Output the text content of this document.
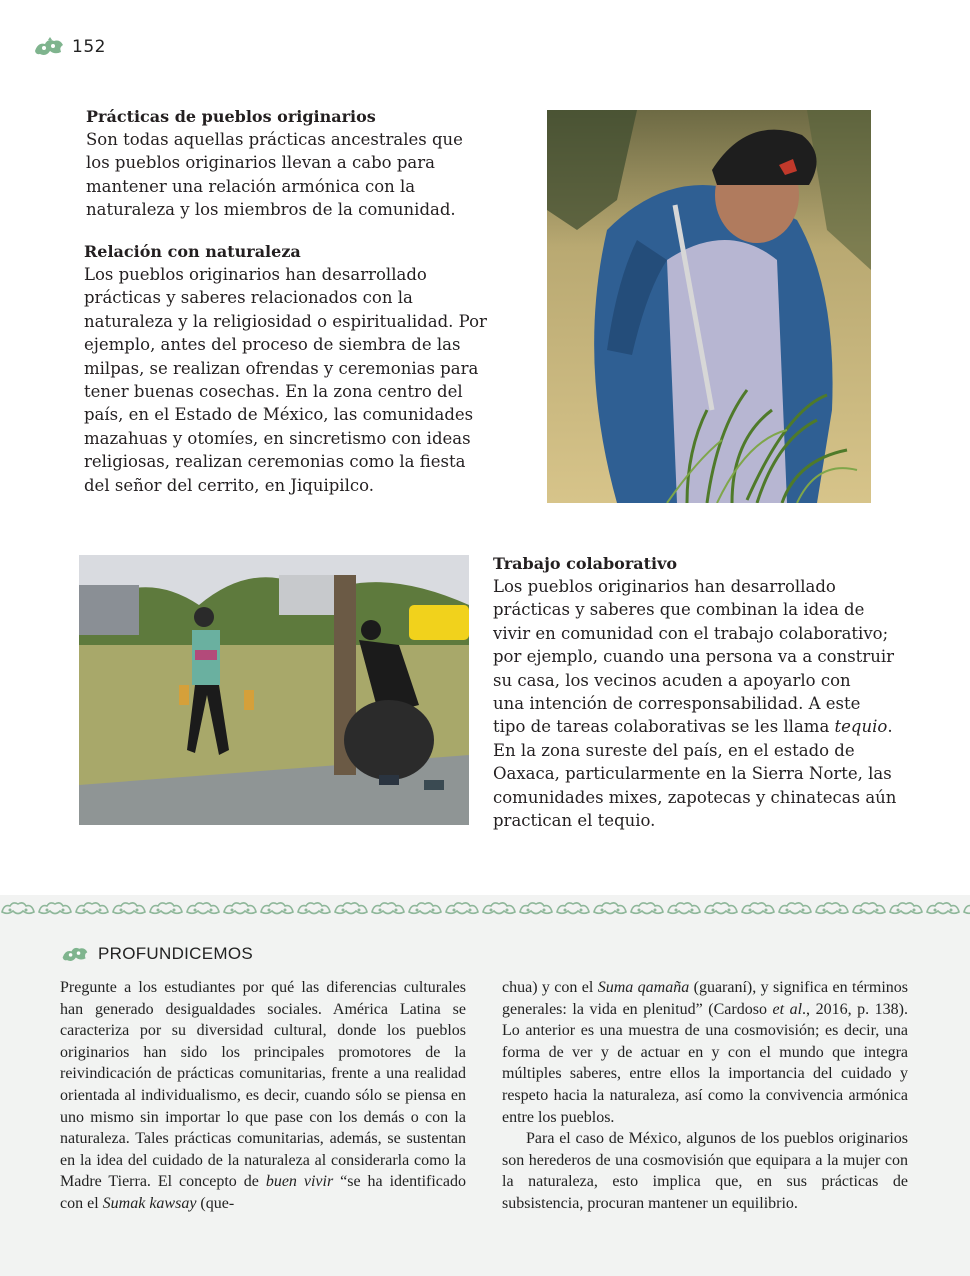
152
Prácticas de pueblos originarios

Son todas aquellas prácticas ancestrales que

los pueblos originarios llevan a cabo para

mantener una relación armónica con la

naturaleza y los miembros de la comunidad.

Relación con naturaleza

Los pueblos originarios han desarrollado

prácticas y saberes relacionados con la

naturaleza y la religiosidad o espiritualidad. Por

ejemplo, antes del proceso de siembra de las

milpas, se realizan ofrendas y ceremonias para

tener buenas cosechas. En la zona centro del

país, en el Estado de México, las comunidades

mazahuas y otomíes, en sincretismo con ideas

religiosas, realizan ceremonias como la fiesta

del señor del cerrito, en Jiquipilco.

Trabajo colaborativo

Los pueblos originarios han desarrollado

prácticas y saberes que combinan la idea de

vivir en comunidad con el trabajo colaborativo;

por ejemplo, cuando una persona va a construir

su casa, los vecinos acuden a apoyarlo con

una intención de corresponsabilidad. A este

tipo de tareas colaborativas se les llama tequio.

En la zona sureste del país, en el estado de

Oaxaca, particularmente en la Sierra Norte, las

comunidades mixes, zapotecas y chinatecas aún

practican el tequio.

PROFUNDICEMOS

Pregunte a los estudiantes por qué las diferencias culturales han generado desigualdades sociales. América Latina se caracteriza por su diversidad cultural, donde los pueblos originarios han sido los principales promotores de la reivindicación de prácticas comunitarias, frente a una realidad orientada al individualismo, es decir, cuando sólo se piensa en uno mismo sin importar lo que pase con los demás o con la naturaleza. Tales prácticas comunitarias, además, se sustentan en la idea del cuidado de la naturaleza al considerarla como la Madre Tierra. El concepto de buen vivir “se ha identificado con el Sumak kawsay (que-

chua) y con el Suma qamaña (guaraní), y significa en términos generales: la vida en plenitud” (Cardoso et al., 2016, p. 138). Lo anterior es una muestra de una cosmovisión; es decir, una forma de ver y de actuar en y con el mundo que integra múltiples saberes, entre ellos la importancia del cuidado y respeto hacia la naturaleza, así como la convivencia armónica entre los pueblos.

Para el caso de México, algunos de los pueblos originarios son herederos de una cosmovisión que equipara a la mujer con la naturaleza, esto implica que, en sus prácticas de subsistencia, procuran mantener un equilibrio.
